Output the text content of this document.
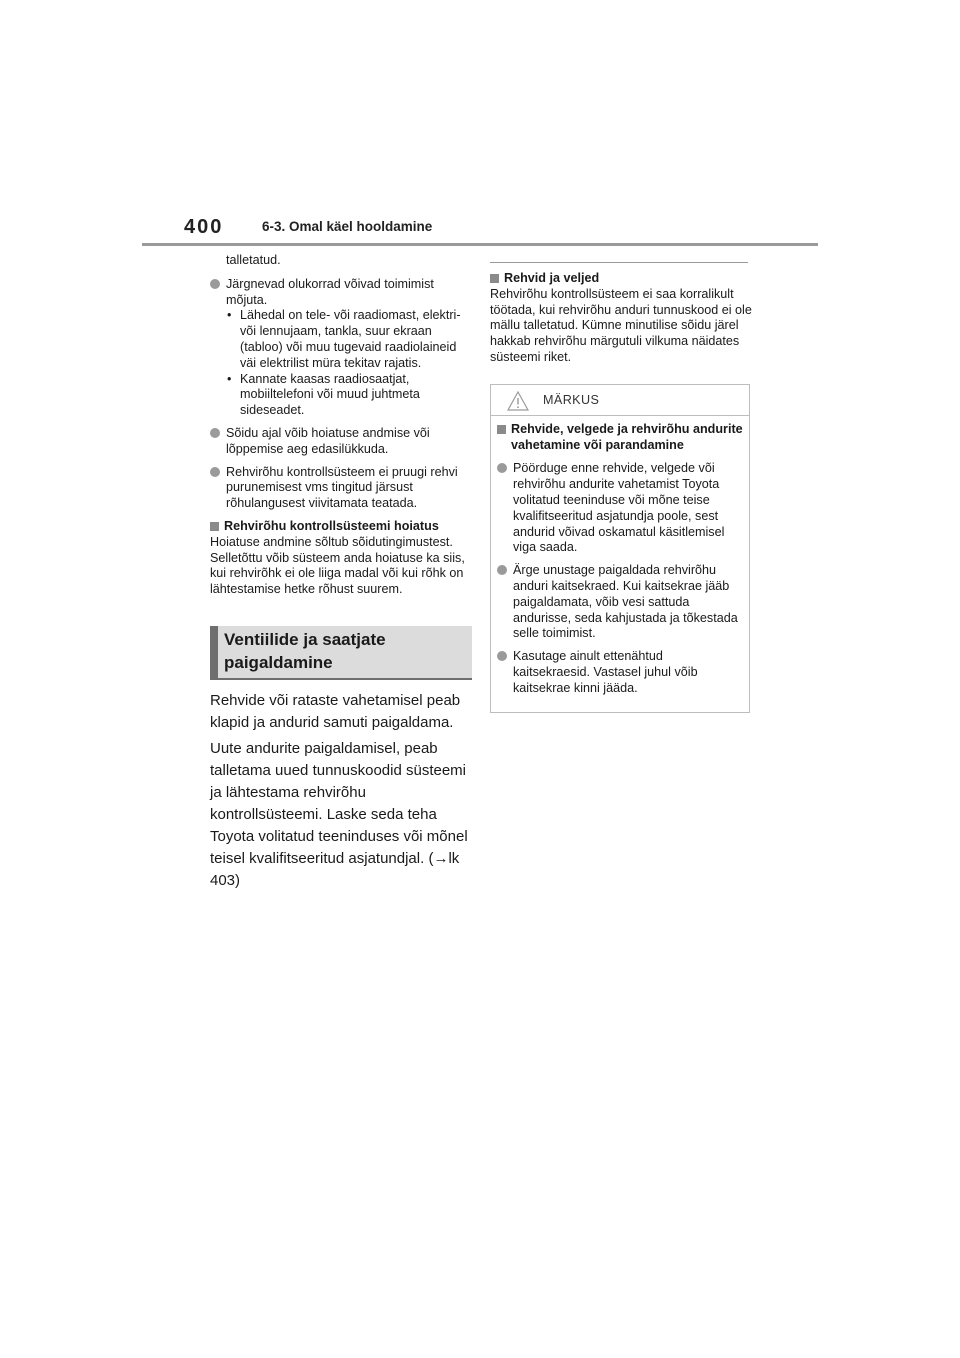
400	6-3. Omal käel hooldamine

talletatud.

Järgnevad olukorrad võivad toimimist mõjuta.
• Lähedal on tele- või raadiomast, elektri- või lennujaam, tankla, suur ekraan (tabloo) või muu tugevaid raadiolaineid väi elektrilist müra tekitav rajatis.
• Kannate kaasas raadiosaatjat, mobiiltelefoni või muud juhtmeta sideseadet.
Sõidu ajal võib hoiatuse andmise või lõppemise aeg edasilükkuda.
Rehvirõhu kontrollsüsteem ei pruugi rehvi purunemisest vms tingitud järsust rõhulangusest viivitamata teatada.
Rehvirõhu kontrollsüsteemi hoiatus

Hoiatuse andmine sõltub sõidutingimustest. Selletõttu võib süsteem anda hoiatuse ka siis, kui rehvirõhk ei ole liiga madal või kui rõhk on lähtestamise hetke rõhust suurem.

Ventiilide ja saatjate
paigaldamine

Rehvide või rataste vahetamisel peab klapid ja andurid samuti paigaldama.

Uute andurite paigaldamisel, peab talletama uued tunnuskoodid süsteemi ja lähtestama rehvirõhu kontrollsüsteemi. Laske seda teha Toyota volitatud teeninduses või mõnel teisel kvalifitseeritud asjatundjal. (→lk 403)

Rehvid ja veljed

Rehvirõhu kontrollsüsteem ei saa korralikult töötada, kui rehvirõhu anduri tunnuskood ei ole mällu talletatud. Kümne minutilise sõidu järel hakkab rehvirõhu märgutuli vilkuma näidates süsteemi riket.

MÄRKUS
Rehvide, velgede ja rehvirõhu andurite vahetamine või parandamine
Pöörduge enne rehvide, velgede või rehvirõhu andurite vahetamist Toyota volitatud teeninduse või mõne teise kvalifitseeritud asjatundja poole, sest andurid võivad oskamatul käsitlemisel viga saada.
Ärge unustage paigaldada rehvirõhu anduri kaitsekraed. Kui kaitsekrae jääb paigaldamata, võib vesi sattuda andurisse, seda kahjustada ja tõkestada selle toimimist.
Kasutage ainult ettenähtud kaitsekraesid. Vastasel juhul võib kaitsekrae kinni jääda.
